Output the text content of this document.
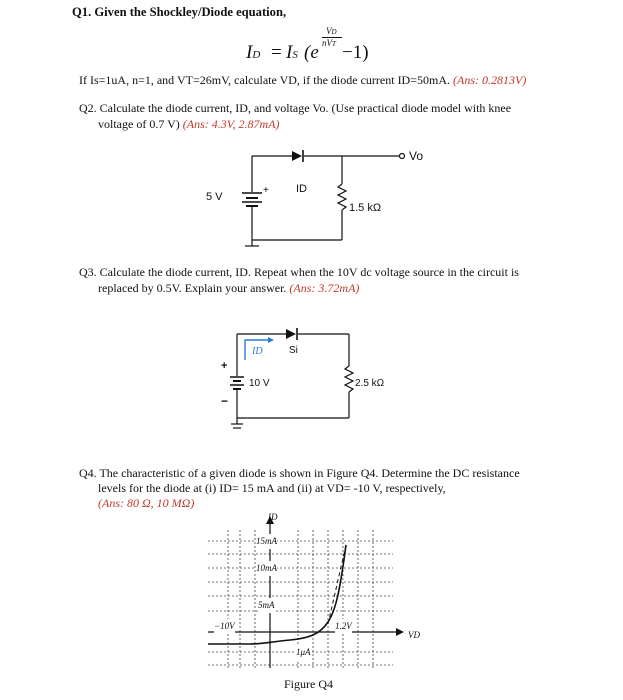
Q1. Given the Shockley/Diode equation,
ID = IS (e
VD
nVT −1)
If Is=1uA, n=1, and VT=26mV, calculate VD, if the diode current ID=50mA. (Ans: 0.2813V)
Q2. Calculate the diode current, ID, and voltage Vo. (Use practical diode model with knee
voltage of 0.7 V) (Ans: 4.3V, 2.87mA)
Vo
ID
5 V
+
1.5 kΩ
Q3. Calculate the diode current, ID. Repeat when the 10V dc voltage source in the circuit is
replaced by 0.5V. Explain your answer. (Ans: 3.72mA)
ID	Si
+
−
10 V	2.5 kΩ
Q4. The characteristic of a given diode is shown in Figure Q4. Determine the DC resistance
levels for the diode at (i) ID= 15 mA and (ii) at VD= -10 V, respectively,
(Ans: 80 Ω, 10 MΩ)
ID
VD
15mA
10mA
5mA
−10V	1.2V
1μA
Figure Q4
